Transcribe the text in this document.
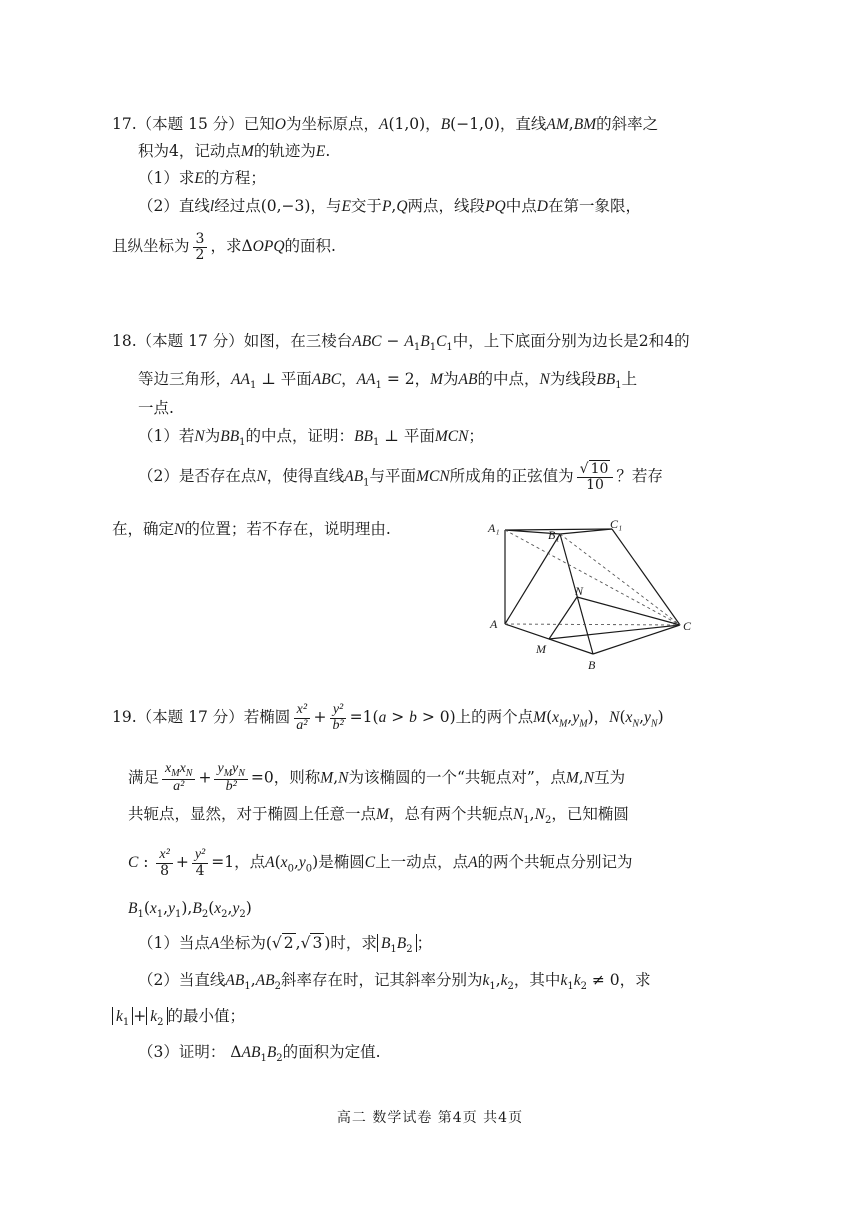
17.（本题 15 分）已知O为坐标原点，A(1,0)，B(−1,0)，直线AM,BM的斜率之
积为4，记动点M的轨迹为E.
（1）求E的方程；
（2）直线l经过点(0,−3)，与E交于P,Q两点，线段PQ中点D在第一象限，
且纵坐标为 $\frac{3}{2}$ ，求ΔOPQ的面积.
18.（本题 17 分）如图，在三棱台ABC − $A_1B_1C_1$中，上下底面分别为边长是2和4的
等边三角形，$AA_1$ ⊥ 平面ABC，$AA_1 = 2$，M为AB的中点，N为线段$BB_1$上
一点.
（1）若N为$BB_1$的中点，证明：$BB_1$ ⊥ 平面MCN；
（2）是否存在点N，使得直线$AB_1$与平面MCN所成角的正弦值为 $\frac{√ 10}{10}$ ？若存
在，确定N的位置；若不存在，说明理由.	A₁	B₁
C₁
N
A	C
M
B
19.（本题 17 分）若椭圆 $\frac{\text{x²}}{\text{a²}} + \frac{\text{y²}}{\text{b²}} =1(a > b > 0)$上的两个点$M(x_M,y_M)$，$N(x_N,y_N)$
满足 $\frac{x_Mx_N}{\text{a²}} + \frac{y_My_N}{\text{b²}} =0$，则称M,N为该椭圆的一个“共轭点对”，点M,N互为
共轭点，显然，对于椭圆上任意一点M，总有两个共轭点$N_1,N_2$，已知椭圆
C : $\frac{\text{x²}}{8} + \frac{\text{y²}}{4} =1$，点$A(x_0,y_0)$是椭圆C上一动点，点A的两个共轭点分别记为
$B_1(x_1,y_1),B_2(x_2,y_2)$
（1）当点A坐标为(√ 2 ,√ 3 )时，求 $B_1B_2$ ；
（2）当直线$AB_1,AB_2$斜率存在时，记其斜率分别为$k_1,k_2$，其中$k_1k_2 \ne 0$，求
$k_1 + k_2$ 的最小值；
（3）证明： $\Delta AB_1B_2$的面积为定值.
高二 数学试卷 第4页 共4页
